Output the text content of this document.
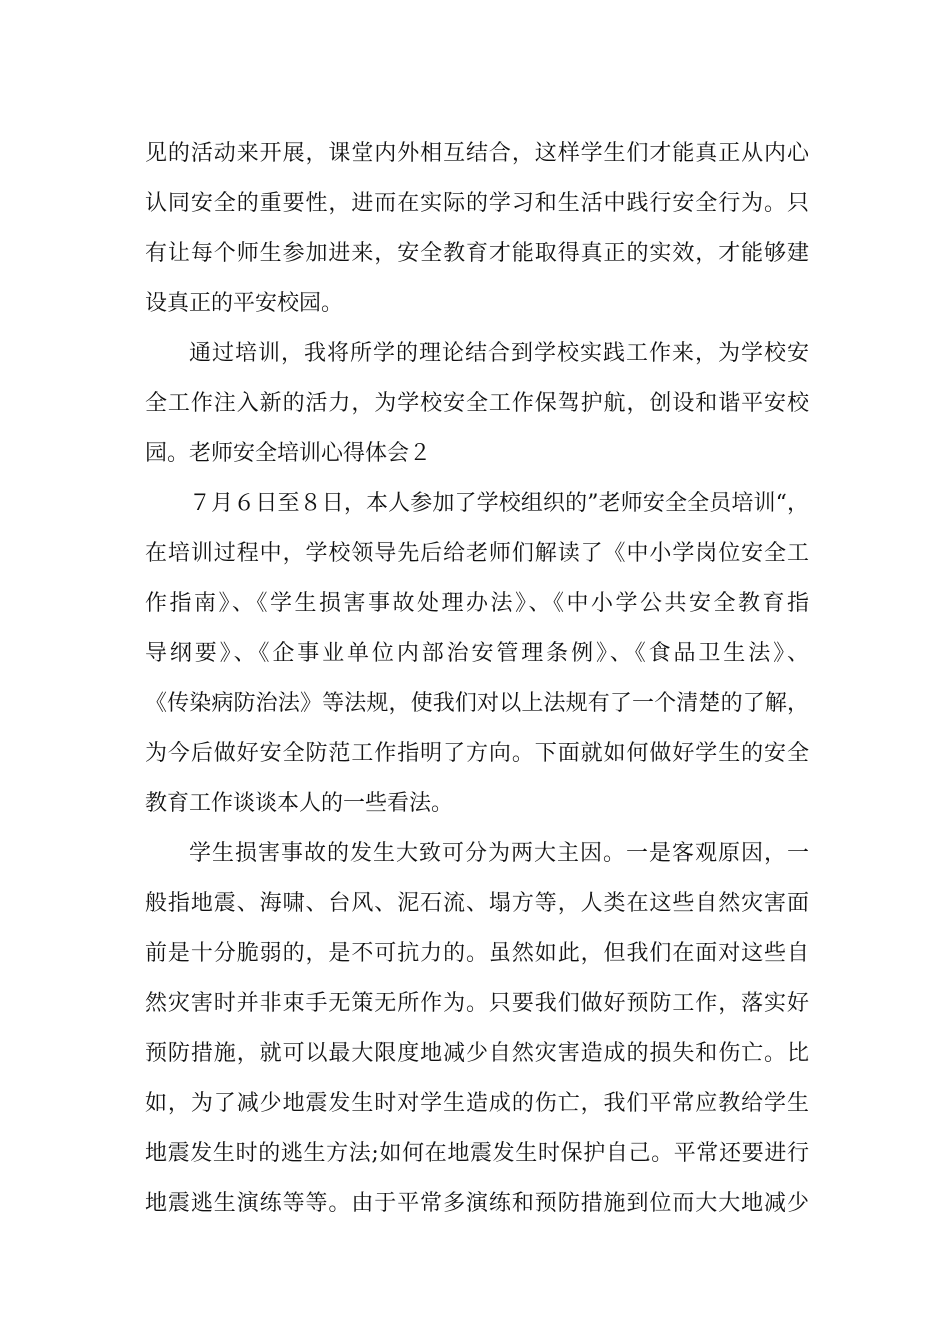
见的活动来开展，课堂内外相互结合，这样学生们才能真正从内心
认同安全的重要性，进而在实际的学习和生活中践行安全行为。只
有让每个师生参加进来，安全教育才能取得真正的实效，才能够建
设真正的平安校园。
通过培训，我将所学的理论结合到学校实践工作来，为学校安
全工作注入新的活力，为学校安全工作保驾护航，创设和谐平安校
园。老师安全培训心得体会２
７月６日至８日，本人参加了学校组织的”老师安全全员培训“，
在培训过程中，学校领导先后给老师们解读了《中小学岗位安全工
作指南》、《学生损害事故处理办法》、《中小学公共安全教育指
导纲要》、《企事业单位内部治安管理条例》、《食品卫生法》、
《传染病防治法》等法规，使我们对以上法规有了一个清楚的了解，
为今后做好安全防范工作指明了方向。下面就如何做好学生的安全
教育工作谈谈本人的一些看法。
学生损害事故的发生大致可分为两大主因。一是客观原因，一
般指地震、海啸、台风、泥石流、塌方等，人类在这些自然灾害面
前是十分脆弱的，是不可抗力的。虽然如此，但我们在面对这些自
然灾害时并非束手无策无所作为。只要我们做好预防工作，落实好
预防措施，就可以最大限度地减少自然灾害造成的损失和伤亡。比
如，为了减少地震发生时对学生造成的伤亡，我们平常应教给学生
地震发生时的逃生方法;如何在地震发生时保护自己。平常还要进行
地震逃生演练等等。由于平常多演练和预防措施到位而大大地减少
